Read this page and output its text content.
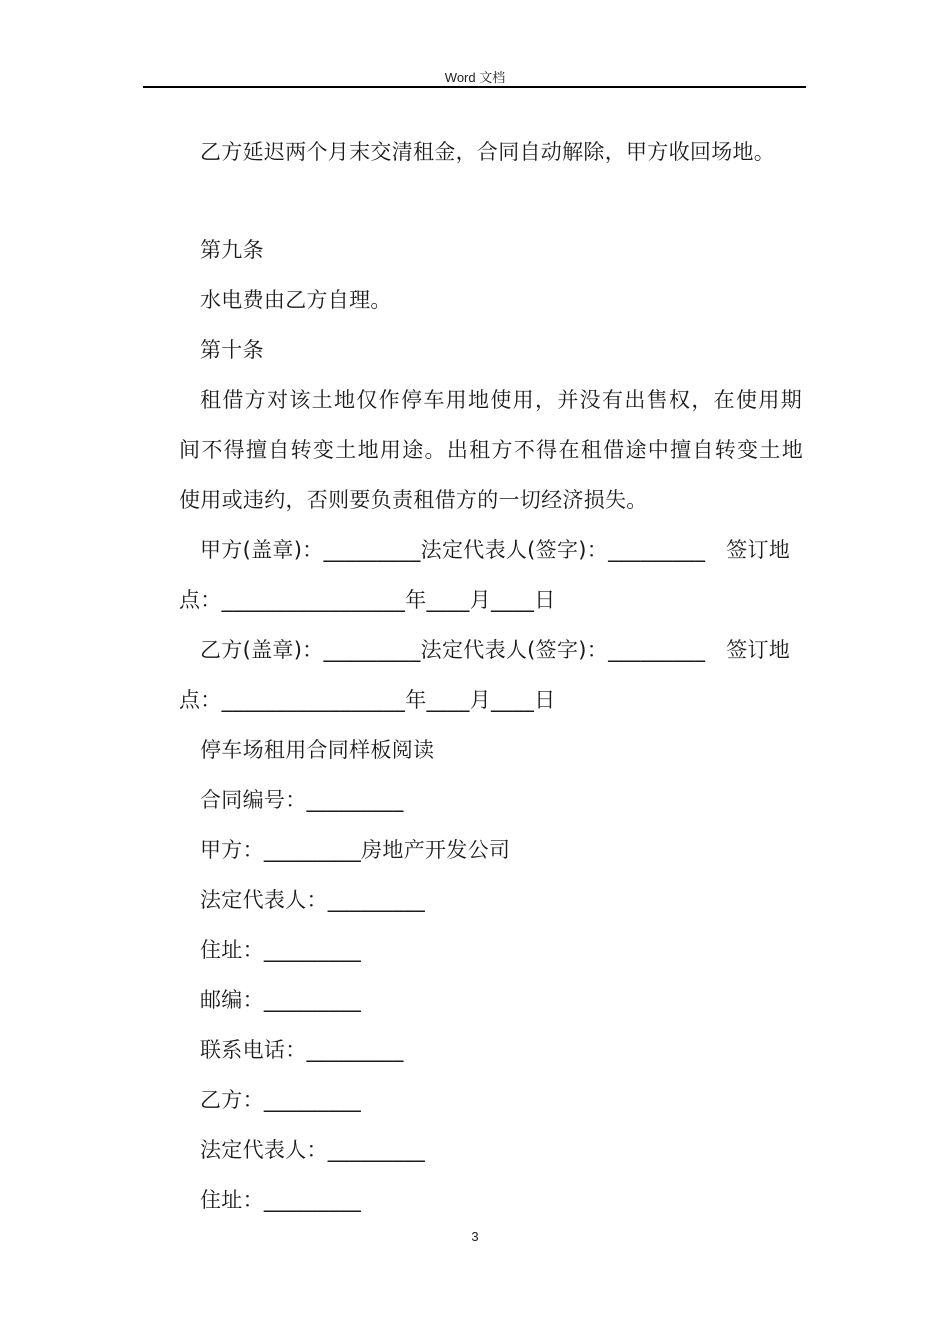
Word 文档
乙方延迟两个月末交清租金，合同自动解除，甲方收回场地。
第九条
水电费由乙方自理。
第十条
租借方对该土地仅作停车用地使用，并没有出售权，在使用期
间不得擅自转变土地用途。出租方不得在租借途中擅自转变土地
使用或违约，否则要负责租借方的一切经济损失。
甲方(盖章)：_________法定代表人(签字)：_________   签订地
点：_________________年____月____日
乙方(盖章)：_________法定代表人(签字)：_________   签订地
点：_________________年____月____日
停车场租用合同样板阅读
合同编号：_________
甲方：_________房地产开发公司
法定代表人：_________
住址：_________
邮编：_________
联系电话：_________
乙方：_________
法定代表人：_________
住址：_________
3
